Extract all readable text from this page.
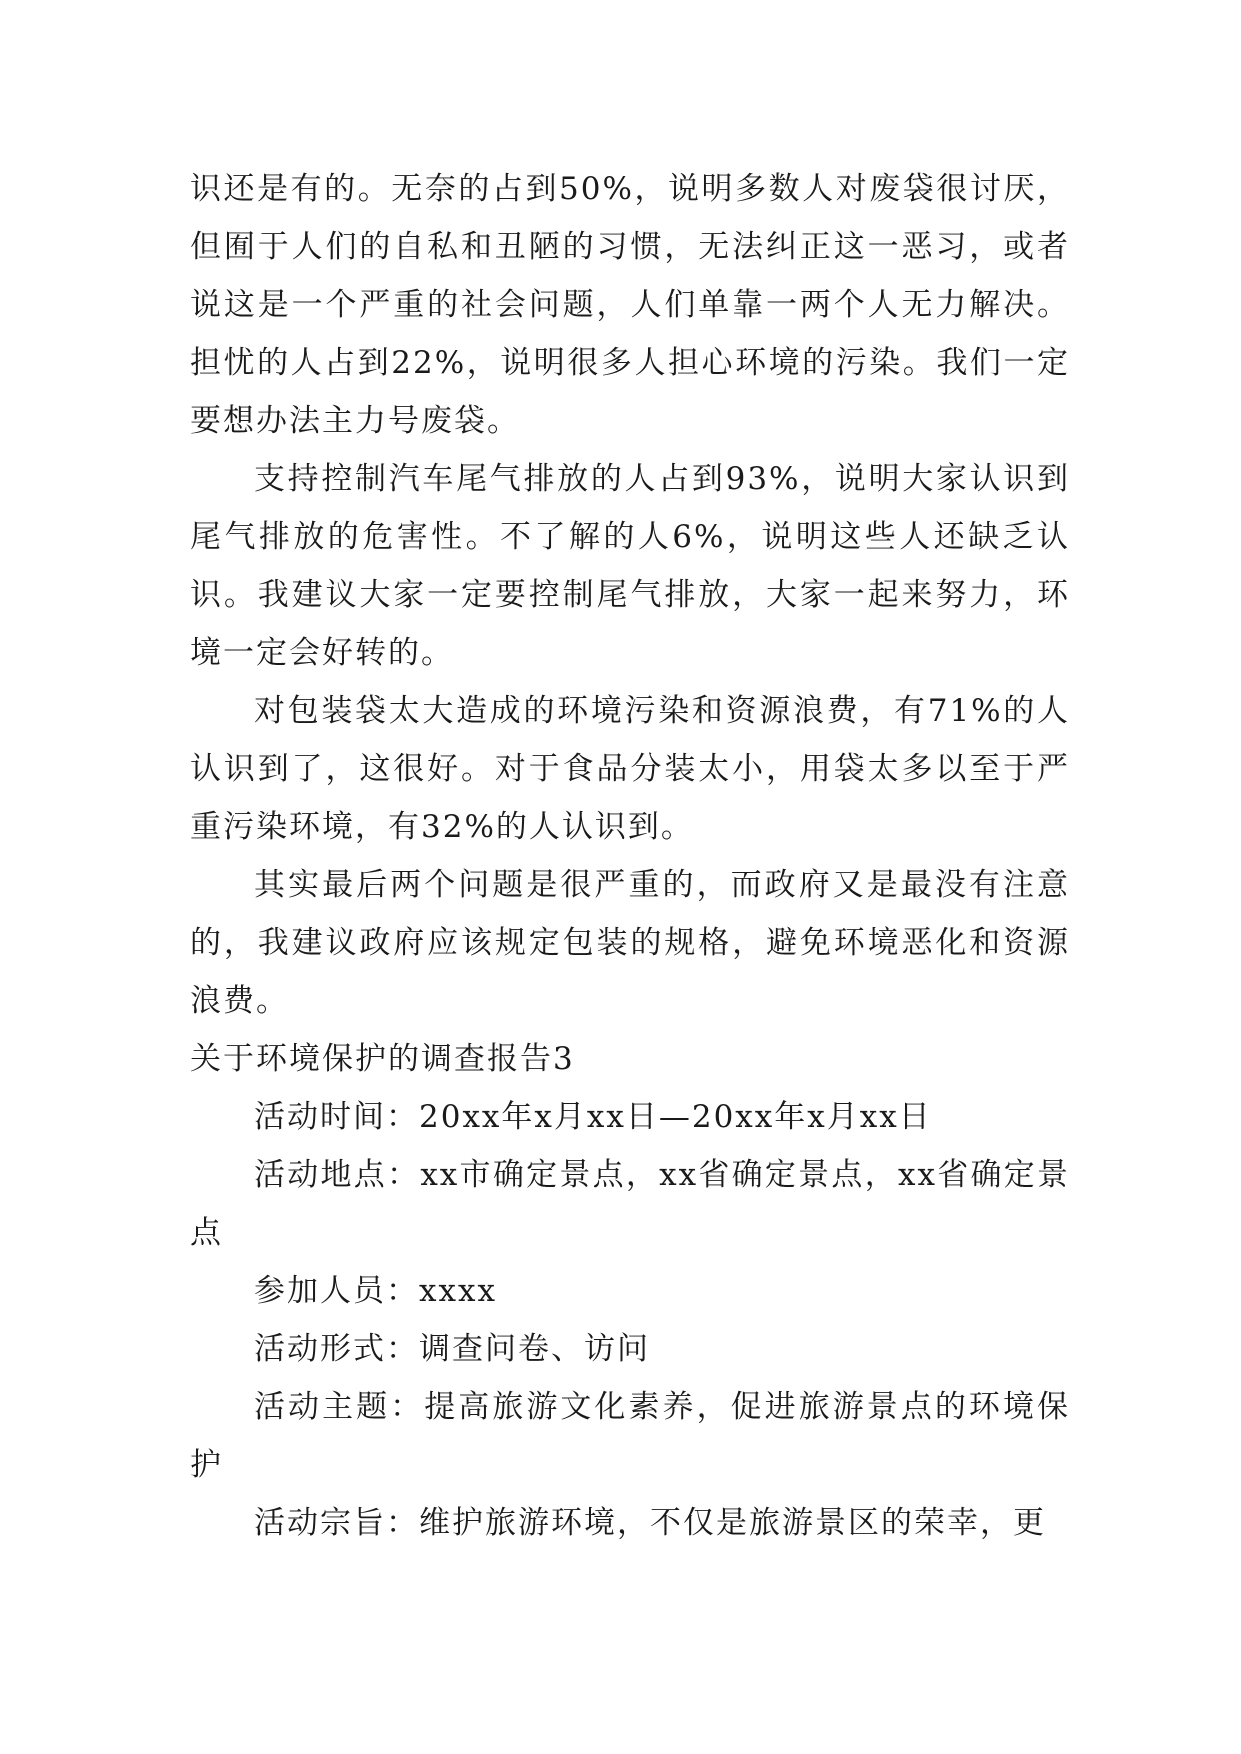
识还是有的。无奈的占到50%，说明多数人对废袋很讨厌，但囿于人们的自私和丑陋的习惯，无法纠正这一恶习，或者说这是一个严重的社会问题，人们单靠一两个人无力解决。担忧的人占到22%，说明很多人担心环境的污染。我们一定要想办法主力号废袋。

支持控制汽车尾气排放的人占到93%，说明大家认识到尾气排放的危害性。不了解的人6%，说明这些人还缺乏认识。我建议大家一定要控制尾气排放，大家一起来努力，环境一定会好转的。

对包装袋太大造成的环境污染和资源浪费，有71%的人认识到了，这很好。对于食品分装太小，用袋太多以至于严重污染环境，有32%的人认识到。

其实最后两个问题是很严重的，而政府又是最没有注意的，我建议政府应该规定包装的规格，避免环境恶化和资源浪费。

关于环境保护的调查报告3

活动时间：20xx年x月xx日—20xx年x月xx日

活动地点：xx市确定景点，xx省确定景点，xx省确定景点

参加人员：xxxx

活动形式：调查问卷、访问

活动主题：提高旅游文化素养，促进旅游景点的环境保护

活动宗旨：维护旅游环境，不仅是旅游景区的荣幸，更
